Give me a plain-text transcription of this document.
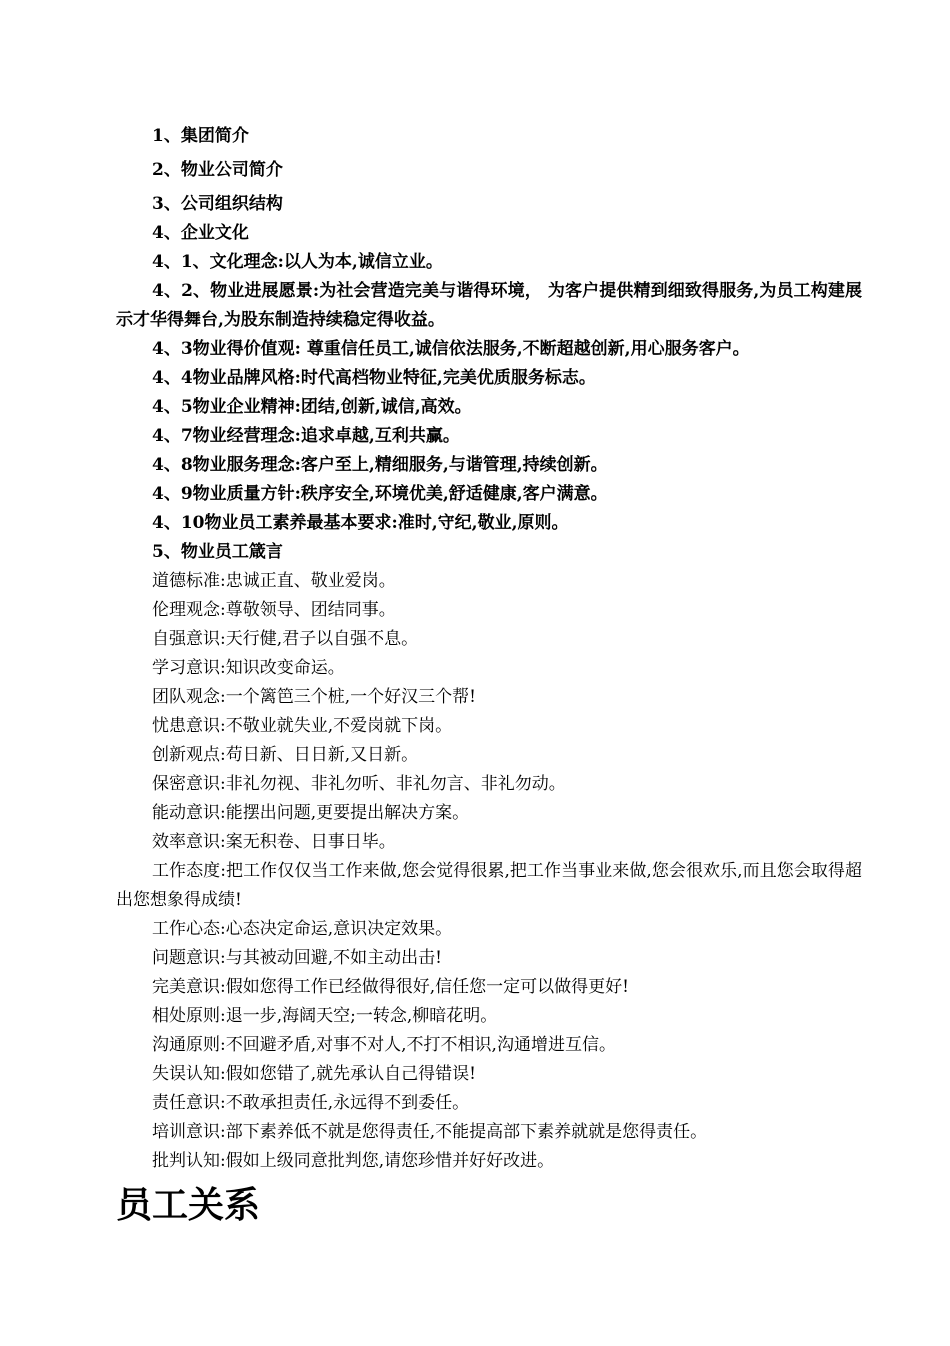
1、集团简介

2、物业公司简介

3、公司组织结构

4、企业文化

4、1、文化理念:以人为本,诚信立业。

4、2、物业进展愿景:为社会营造完美与谐得环境， 为客户提供精到细致得服务,为员工构建展示才华得舞台,为股东制造持续稳定得收益。

4、3物业得价值观: 尊重信任员工,诚信依法服务,不断超越创新,用心服务客户。

4、4物业品牌风格:时代高档物业特征,完美优质服务标志。

4、5物业企业精神:团结,创新,诚信,高效。

4、7物业经营理念:追求卓越,互利共赢。

4、8物业服务理念:客户至上,精细服务,与谐管理,持续创新。

4、9物业质量方针:秩序安全,环境优美,舒适健康,客户满意。

4、10物业员工素养最基本要求:准时,守纪,敬业,原则。

5、物业员工箴言

道德标准:忠诚正直、敬业爱岗。

伦理观念:尊敬领导、团结同事。

自强意识:天行健,君子以自强不息。

学习意识:知识改变命运。

团队观念:一个篱笆三个桩,一个好汉三个帮!

忧患意识:不敬业就失业,不爱岗就下岗。

创新观点:苟日新、日日新,又日新。

保密意识:非礼勿视、非礼勿听、非礼勿言、非礼勿动。

能动意识:能摆出问题,更要提出解决方案。

效率意识:案无积卷、日事日毕。

工作态度:把工作仅仅当工作来做,您会觉得很累,把工作当事业来做,您会很欢乐,而且您会取得超出您想象得成绩!

工作心态:心态决定命运,意识决定效果。

问题意识:与其被动回避,不如主动出击!

完美意识:假如您得工作已经做得很好,信任您一定可以做得更好!

相处原则:退一步,海阔天空;一转念,柳暗花明。

沟通原则:不回避矛盾,对事不对人,不打不相识,沟通增进互信。

失误认知:假如您错了,就先承认自己得错误!

责任意识:不敢承担责任,永远得不到委任。

培训意识:部下素养低不就是您得责任,不能提高部下素养就就是您得责任。

批判认知:假如上级同意批判您,请您珍惜并好好改进。

员工关系
